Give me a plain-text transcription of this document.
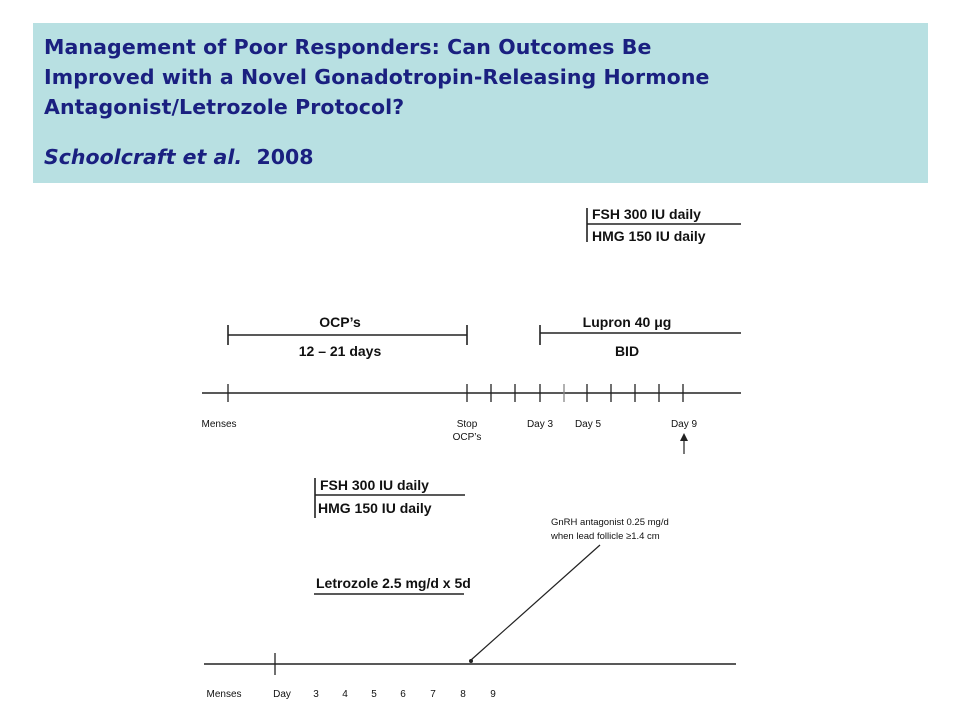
Management of Poor Responders: Can Outcomes Be
Improved with a Novel Gonadotropin-Releasing Hormone
Antagonist/Letrozole Protocol?
Schoolcraft et al. 2008
FSH 300 IU daily
HMG 150 IU daily
OCP’s
12 – 21 days
Lupron 40 μg
BID
Menses	Stop
OCP’s
Day 3 Day 5	Day 9
FSH 300 IU daily
HMG 150 IU daily
Letrozole 2.5 mg/d x 5d
GnRH antagonist 0.25 mg/d
when lead follicle ≥1.4 cm
Menses	Day 3 4 5 6 7 8 9
